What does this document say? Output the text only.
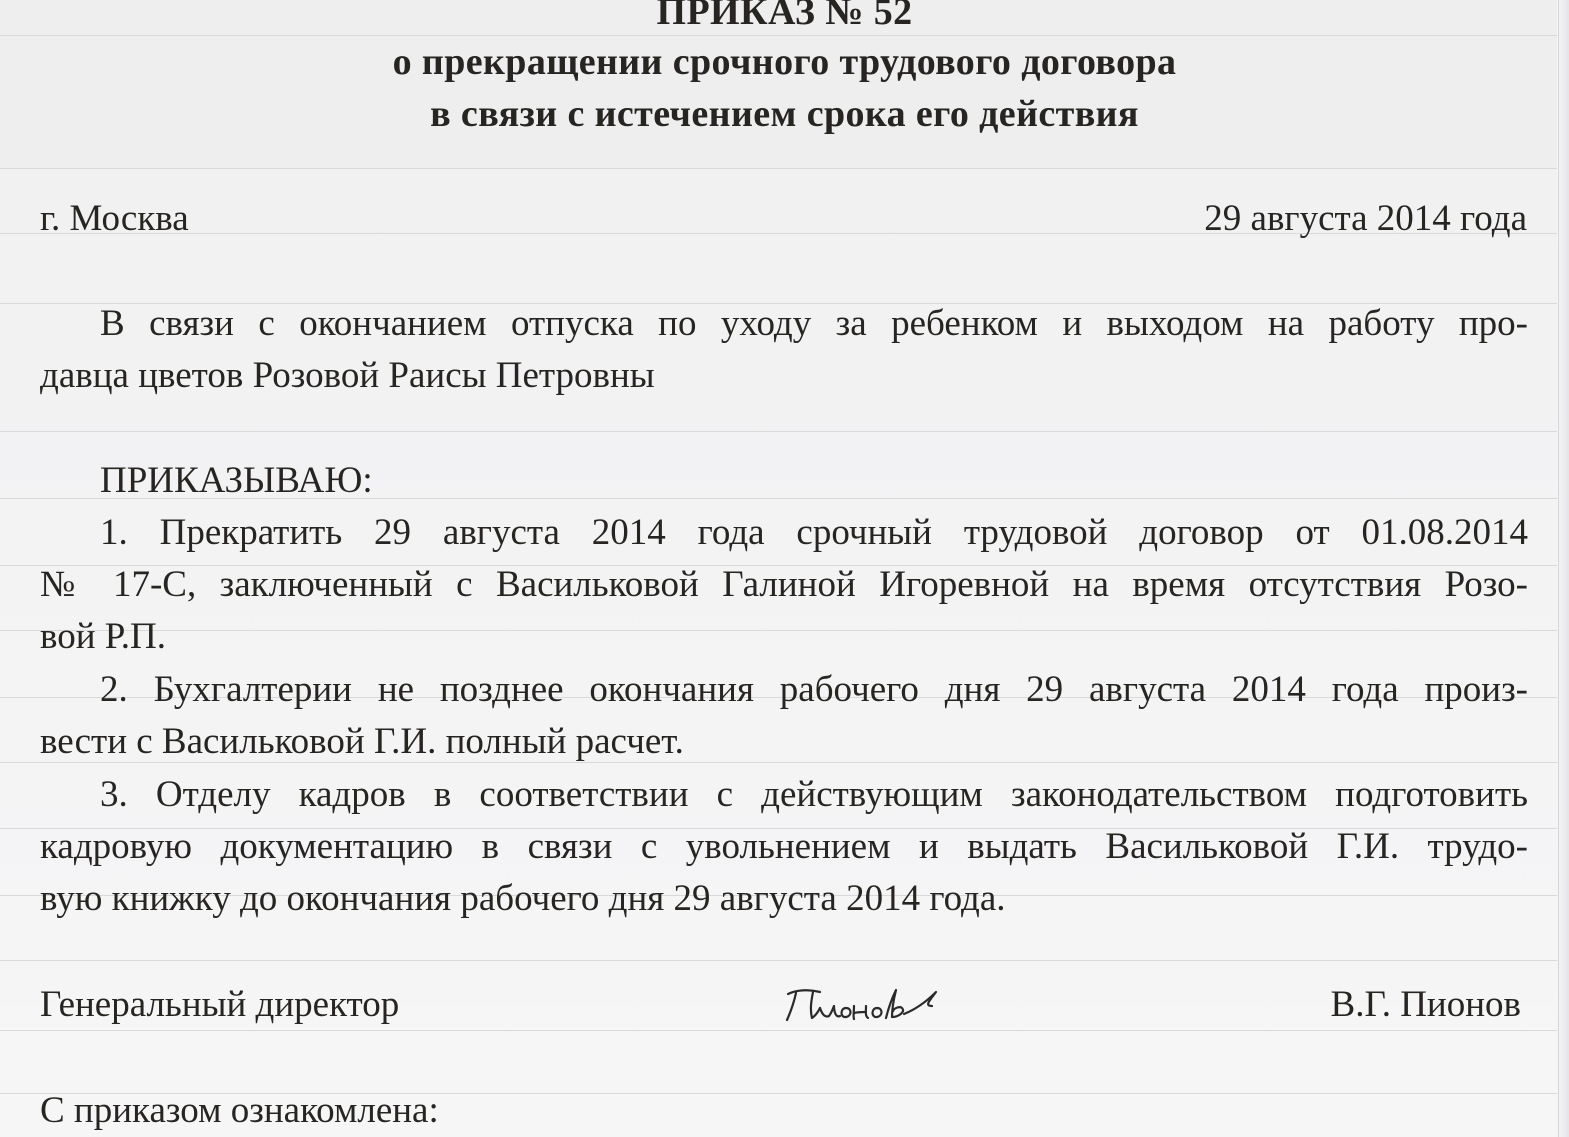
ПРИКАЗ № 52
о прекращении срочного трудового договора
в связи с истечением срока его действия
г. Москва	29 августа 2014 года
В связи с окончанием отпуска по уходу за ребенком и выходом на работу про-
давца цветов Розовой Раисы Петровны
ПРИКАЗЫВАЮ:
1. Прекратить 29 августа 2014 года срочный трудовой договор от 01.08.2014
№ 17-С, заключенный с Васильковой Галиной Игоревной на время отсутствия Розо-
вой Р.П.
2. Бухгалтерии не позднее окончания рабочего дня 29 августа 2014 года произ-
вести с Васильковой Г.И. полный расчет.
3. Отделу кадров в соответствии с действующим законодательством подготовить
кадровую документацию в связи с увольнением и выдать Васильковой Г.И. трудо-
вую книжку до окончания рабочего дня 29 августа 2014 года.
Генеральный директор	В.Г. Пионов
С приказом ознакомлена:
